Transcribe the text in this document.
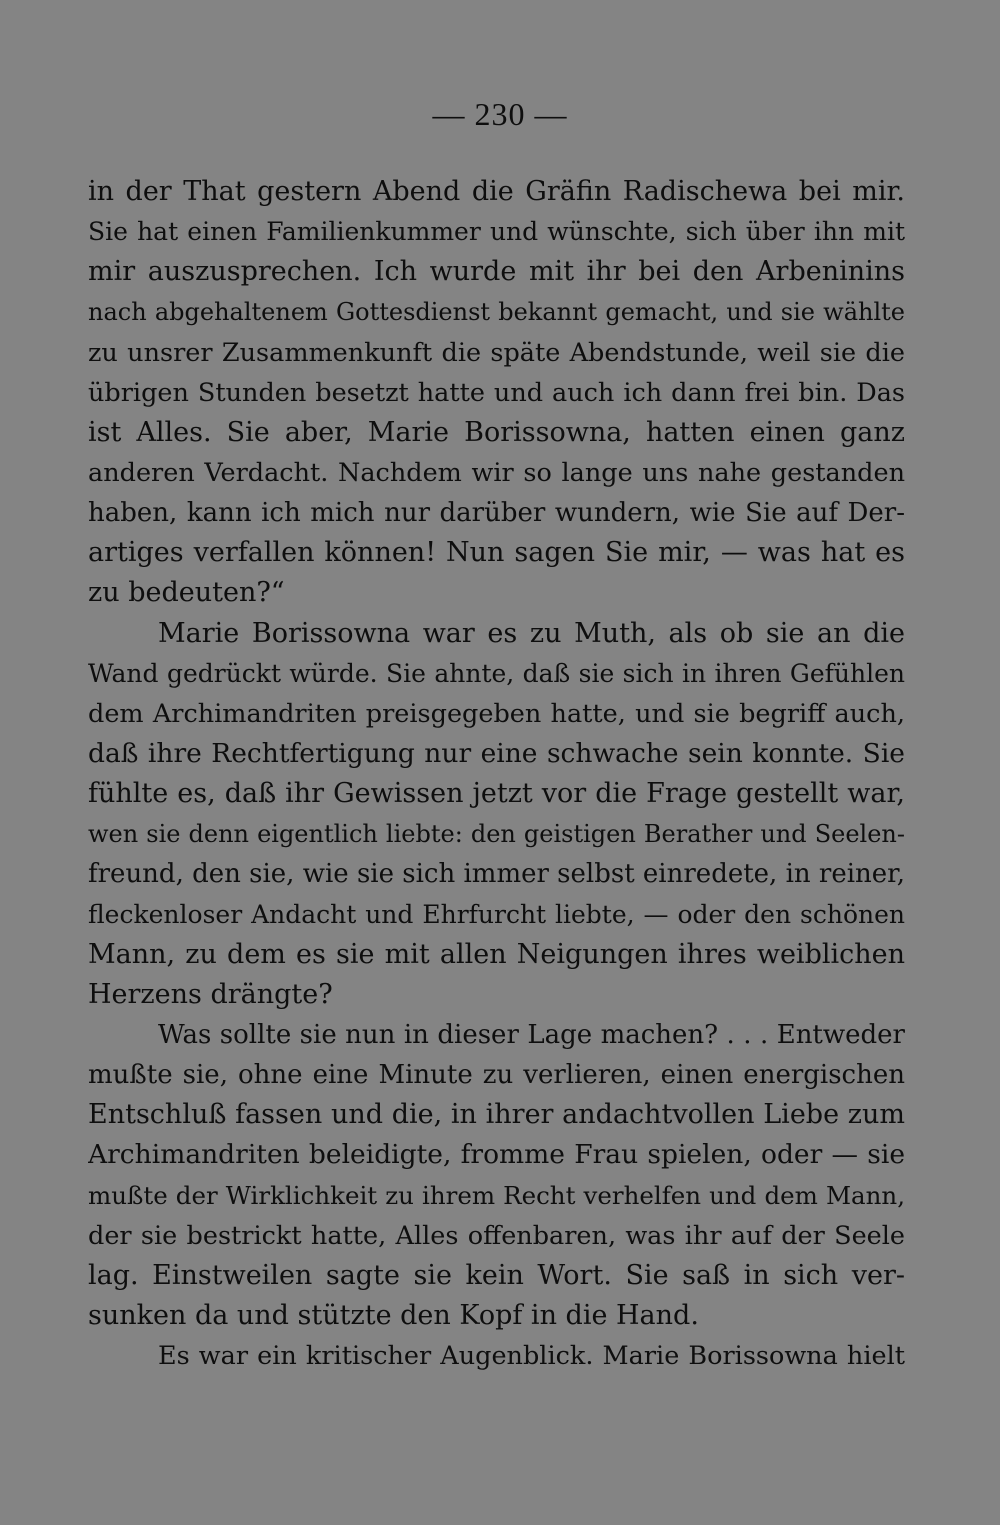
— 230 —
in der That gestern Abend die Gräfin Radischewa bei mir.
Sie hat einen Familienkummer und wünschte, sich über ihn mit
mir auszusprechen. Ich wurde mit ihr bei den Arbeninins
nach abgehaltenem Gottesdienst bekannt gemacht, und sie wählte
zu unsrer Zusammenkunft die späte Abendstunde, weil sie die
übrigen Stunden besetzt hatte und auch ich dann frei bin. Das
ist Alles. Sie aber, Marie Borissowna, hatten einen ganz
anderen Verdacht. Nachdem wir so lange uns nahe gestanden
haben, kann ich mich nur darüber wundern, wie Sie auf Der-
artiges verfallen können! Nun sagen Sie mir, — was hat es
zu bedeuten?“
Marie Borissowna war es zu Muth, als ob sie an die
Wand gedrückt würde. Sie ahnte, daß sie sich in ihren Gefühlen
dem Archimandriten preisgegeben hatte, und sie begriff auch,
daß ihre Rechtfertigung nur eine schwache sein konnte. Sie
fühlte es, daß ihr Gewissen jetzt vor die Frage gestellt war,
wen sie denn eigentlich liebte: den geistigen Berather und Seelen-
freund, den sie, wie sie sich immer selbst einredete, in reiner,
fleckenloser Andacht und Ehrfurcht liebte, — oder den schönen
Mann, zu dem es sie mit allen Neigungen ihres weiblichen
Herzens drängte?
Was sollte sie nun in dieser Lage machen? . . . Entweder
mußte sie, ohne eine Minute zu verlieren, einen energischen
Entschluß fassen und die, in ihrer andachtvollen Liebe zum
Archimandriten beleidigte, fromme Frau spielen, oder — sie
mußte der Wirklichkeit zu ihrem Recht verhelfen und dem Mann,
der sie bestrickt hatte, Alles offenbaren, was ihr auf der Seele
lag. Einstweilen sagte sie kein Wort. Sie saß in sich ver-
sunken da und stützte den Kopf in die Hand.
Es war ein kritischer Augenblick. Marie Borissowna hielt
